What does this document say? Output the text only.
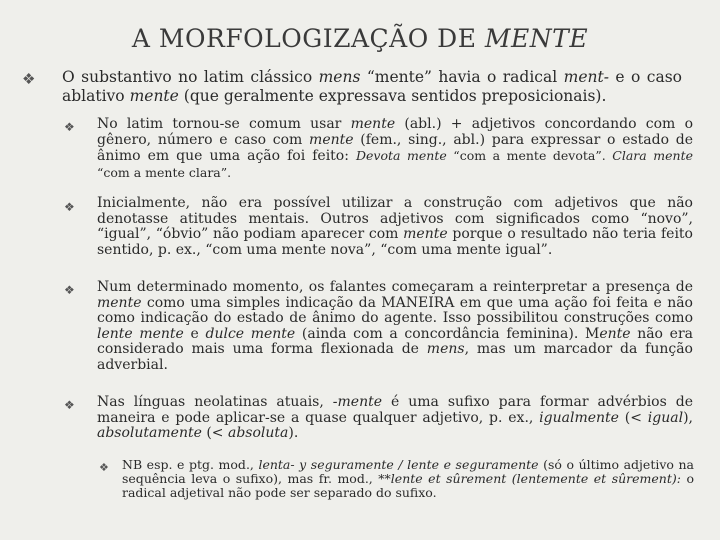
A MORFOLOGIZAÇÃO DE MENTE
❖ O substantivo no latim clássico mens “mente” havia o radical ment- e o caso ablativo mente (que geralmente expressava sentidos preposicionais).
❖ No latim tornou-se comum usar mente (abl.) + adjetivos concordando com o gênero, número e caso com mente (fem., sing., abl.) para expressar o estado de ânimo em que uma ação foi feito: Devota mente “com a mente devota”. Clara mente “com a mente clara”.
❖ Inicialmente, não era possível utilizar a construção com adjetivos que não denotasse atitudes mentais. Outros adjetivos com significados como “novo”, “igual”, “óbvio” não podiam aparecer com mente porque o resultado não teria feito sentido, p. ex., “com uma mente nova”, “com uma mente igual”.
❖ Num determinado momento, os falantes começaram a reinterpretar a presença de mente como uma simples indicação da MANEIRA em que uma ação foi feita e não como indicação do estado de ânimo do agente. Isso possibilitou construções como lente mente e dulce mente (ainda com a concordância feminina). Mente não era considerado mais uma forma flexionada de mens, mas um marcador da função adverbial.
❖ Nas línguas neolatinas atuais, -mente é uma sufixo para formar advérbios de maneira e pode aplicar-se a quase qualquer adjetivo, p. ex., igualmente (< igual), absolutamente (< absoluta).
❖ NB esp. e ptg. mod., lenta- y seguramente / lente e seguramente (só o último adjetivo na sequência leva o sufixo), mas fr. mod., **lente et sûrement (lentemente et sûrement): o radical adjetival não pode ser separado do sufixo.
